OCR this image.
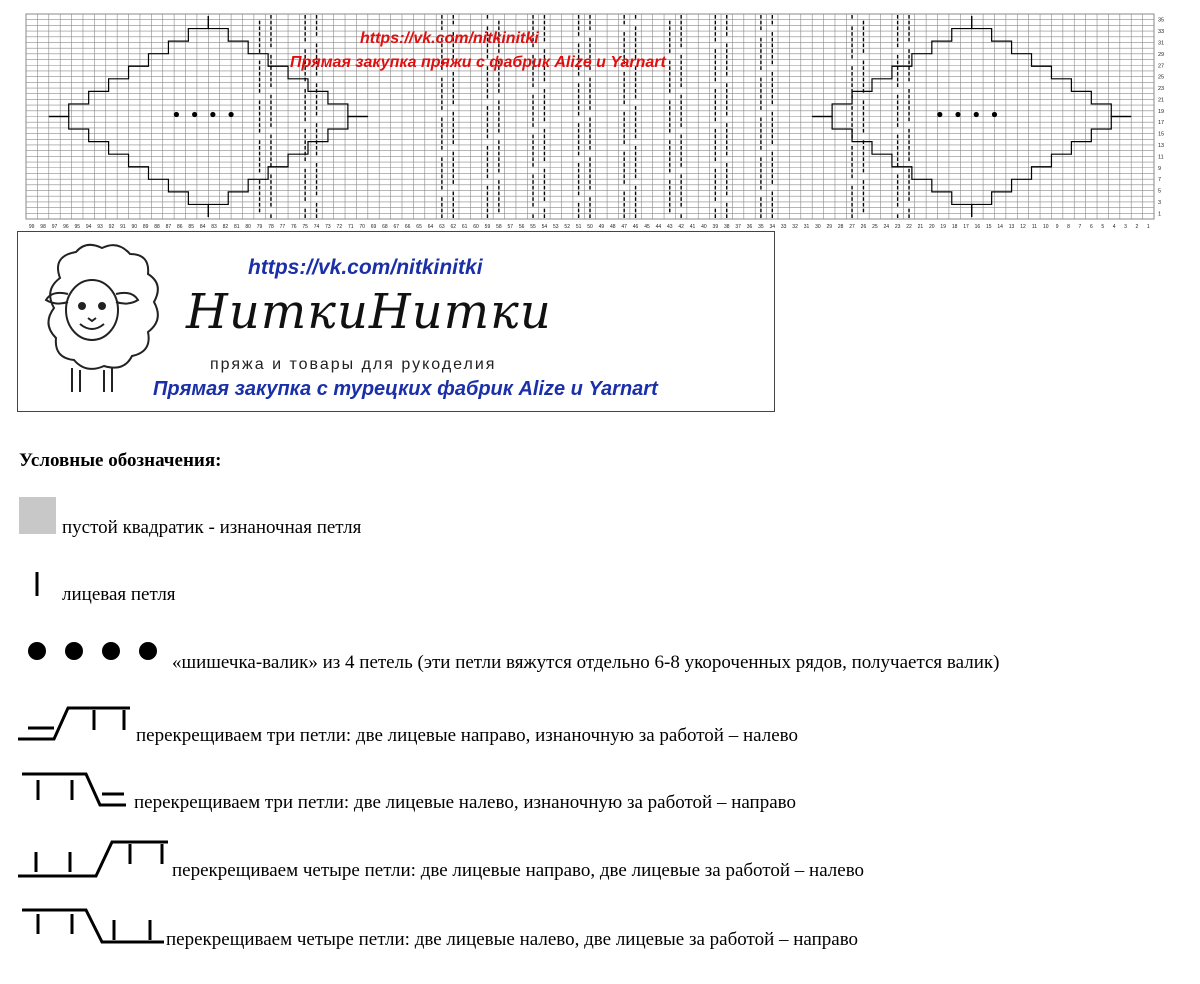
35
33
31
29
27
25
23
21
19
17
15
13
11
9
7
5
3
1
99 98 97 96 95 94 93 92 91 90 89 88 87 86 85 84 83 82 81 80 79 78 77 76 75 74 73 72 71 70 69 68 67 66 65 64 63 62 61 60 59 58 57 56 55 54 53 52 51 50 49 48 47 46 45 44 43 42 41 40 39 38 37 36 35 34 33 32 31 30 29 28 27 26 25 24 23 22 21 20 19 18 17 16 15 14 13 12 11 10 9 8 7 6 5 4 3 2 1
https://vk.com/nitkinitki
Прямая закупка пряжи с фабрик Alize и Yarnart
https://vk.com/nitkinitki
НиткиНитки
пряжа и товары для рукоделия
Прямая закупка с турецких фабрик Alize и Yarnart
Условные обозначения:
пустой квадратик - изнаночная петля
лицевая петля
«шишечка-валик» из 4 петель (эти петли вяжутся отдельно 6-8 укороченных рядов, получается валик)
перекрещиваем три петли: две лицевые направо, изнаночную за работой – налево
перекрещиваем три петли: две лицевые налево, изнаночную за работой – направо
перекрещиваем четыре петли: две лицевые направо, две лицевые за работой – налево
перекрещиваем четыре петли: две лицевые налево, две лицевые за работой – направо
